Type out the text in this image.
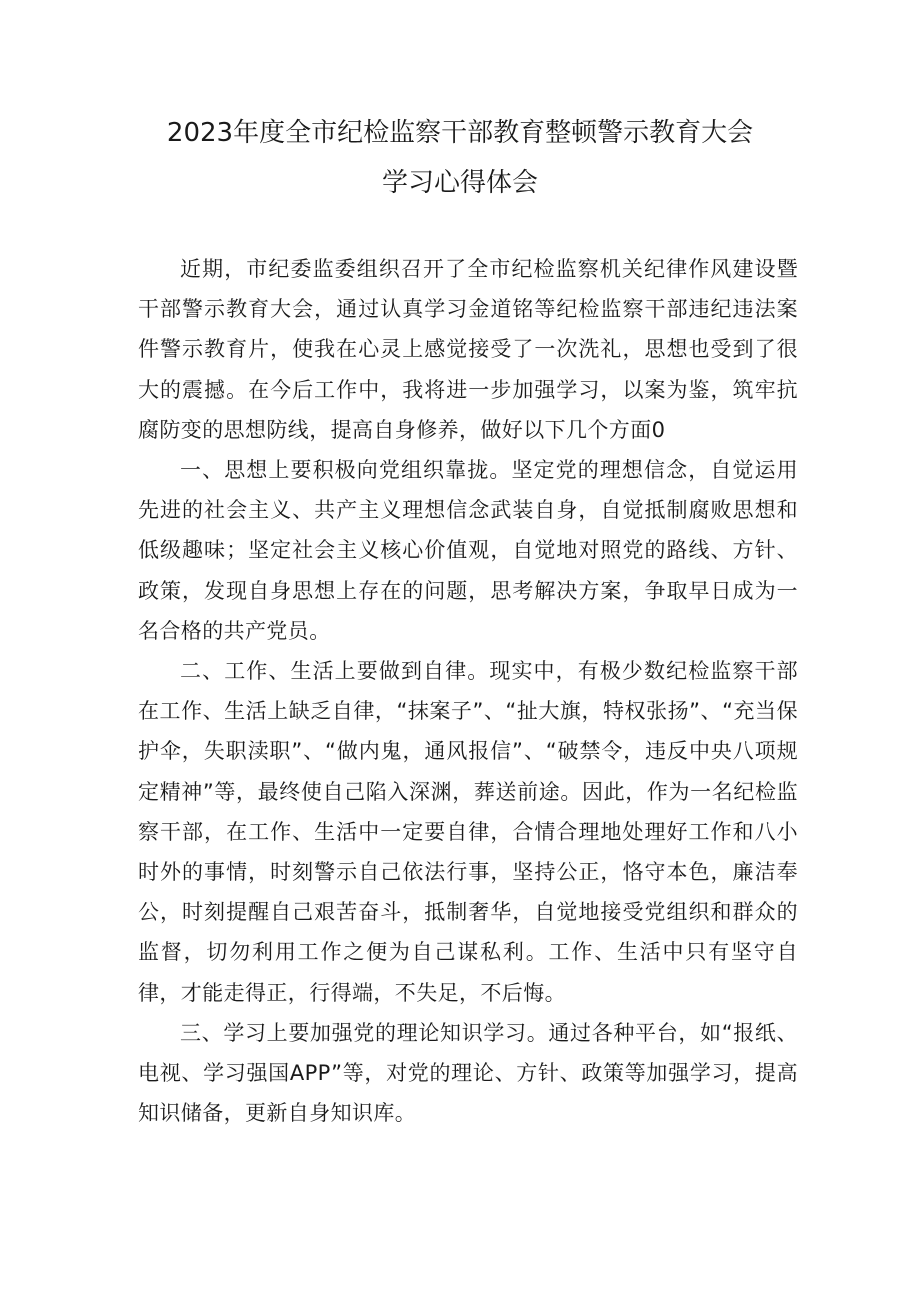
2023年度全市纪检监察干部教育整顿警示教育大会
学习心得体会

近期，市纪委监委组织召开了全市纪检监察机关纪律作风建设暨干部警示教育大会，通过认真学习金道铭等纪检监察干部违纪违法案件警示教育片，使我在心灵上感觉接受了一次洗礼，思想也受到了很大的震撼。在今后工作中，我将进一步加强学习，以案为鉴，筑牢抗腐防变的思想防线，提高自身修养，做好以下几个方面0

一、思想上要积极向党组织靠拢。坚定党的理想信念，自觉运用先进的社会主义、共产主义理想信念武装自身，自觉抵制腐败思想和低级趣味；坚定社会主义核心价值观，自觉地对照党的路线、方针、政策，发现自身思想上存在的问题，思考解决方案，争取早日成为一名合格的共产党员。

二、工作、生活上要做到自律。现实中，有极少数纪检监察干部在工作、生活上缺乏自律，“抹案子”、“扯大旗，特权张扬”、“充当保护伞，失职渎职”、“做内鬼，通风报信”、“破禁令，违反中央八项规定精神”等，最终使自己陷入深渊，葬送前途。因此，作为一名纪检监察干部，在工作、生活中一定要自律，合情合理地处理好工作和八小时外的事情，时刻警示自己依法行事，坚持公正，恪守本色，廉洁奉公，时刻提醒自己艰苦奋斗，抵制奢华，自觉地接受党组织和群众的监督，切勿利用工作之便为自己谋私利。工作、生活中只有坚守自律，才能走得正，行得端，不失足，不后悔。

三、学习上要加强党的理论知识学习。通过各种平台，如“报纸、电视、学习强国APP”等，对党的理论、方针、政策等加强学习，提高知识储备，更新自身知识库。
